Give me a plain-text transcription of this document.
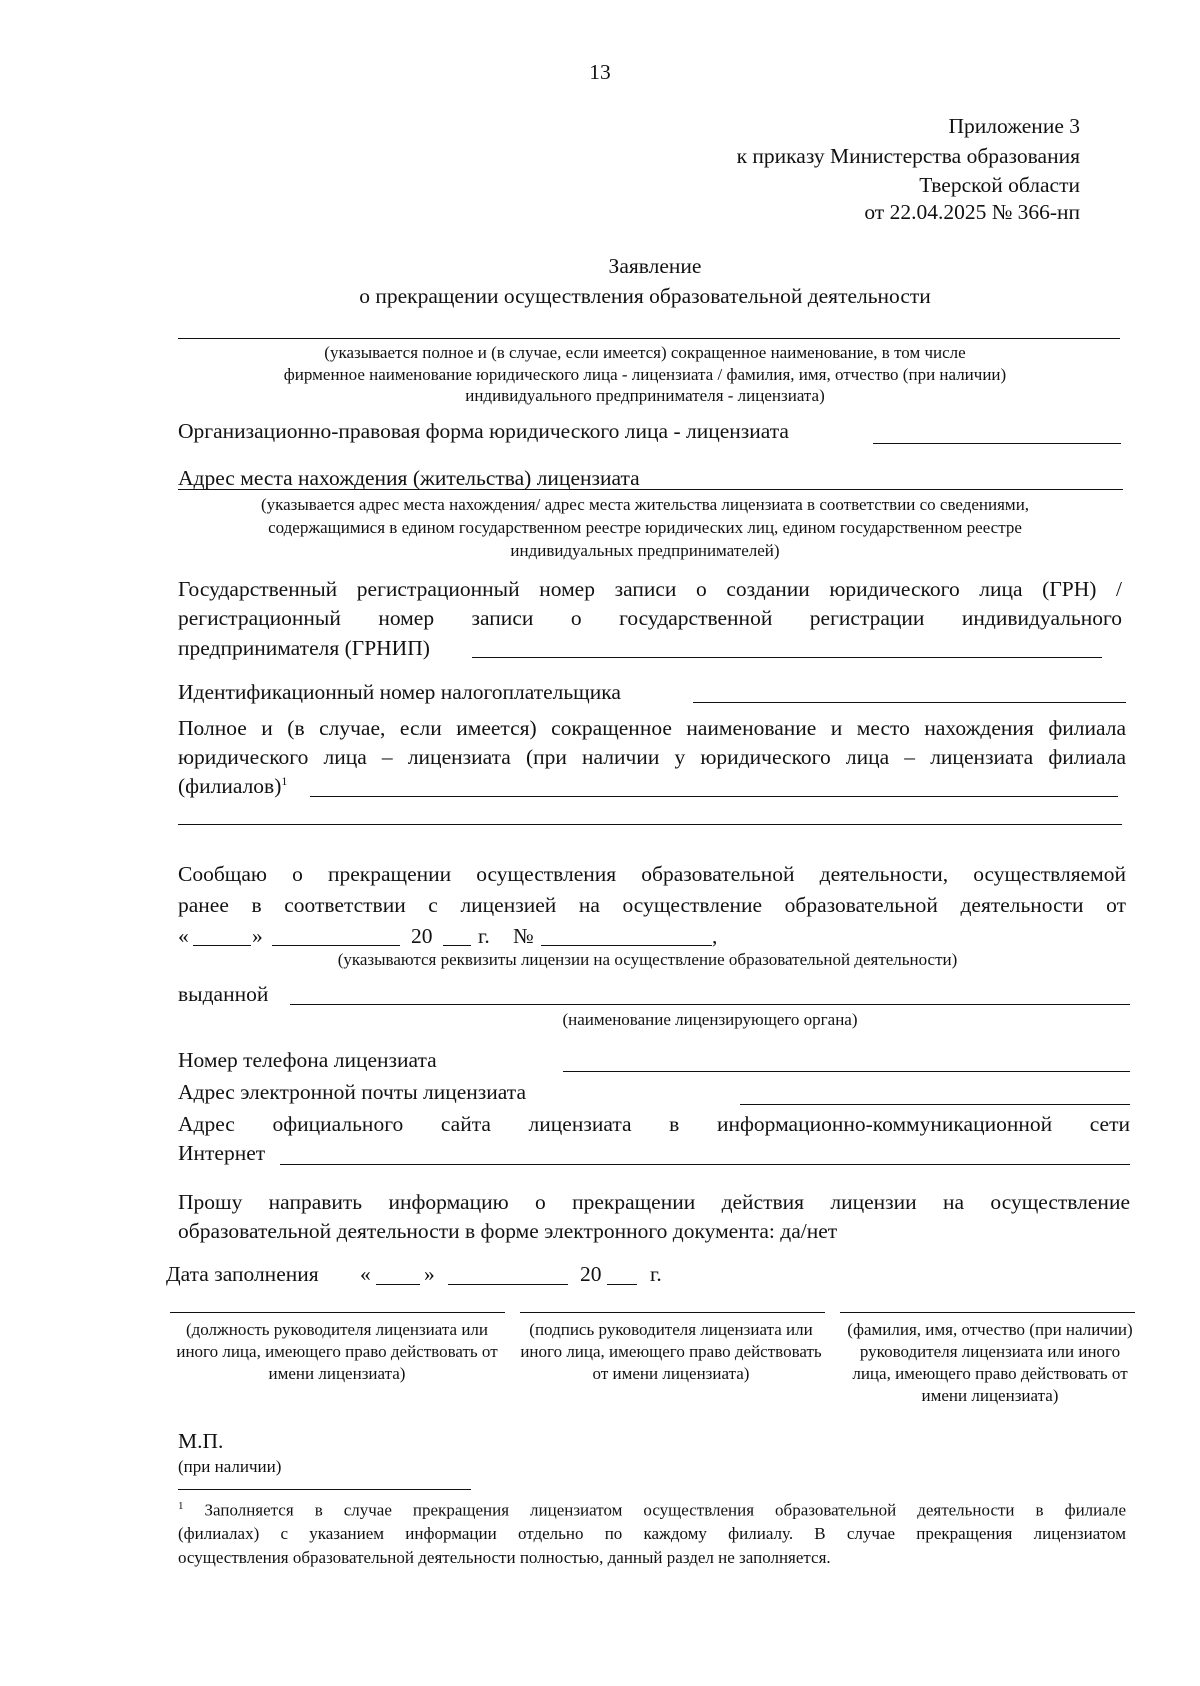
13
Приложение 3
к приказу Министерства образования
Тверской области
от 22.04.2025 № 366-нп
Заявление
о прекращении осуществления образовательной деятельности
(указывается полное и (в случае, если имеется) сокращенное наименование, в том числе
фирменное наименование юридического лица - лицензиата / фамилия, имя, отчество (при наличии)
индивидуального предпринимателя - лицензиата)
Организационно-правовая форма юридического лица - лицензиата
Адрес места нахождения (жительства) лицензиата
(указывается адрес места нахождения/ адрес места жительства лицензиата в соответствии со сведениями,
содержащимися в едином государственном реестре юридических лиц, едином государственном реестре
индивидуальных предпринимателей)
Государственный регистрационный номер записи о создании юридического лица (ГРН) /
регистрационный номер записи о государственной регистрации индивидуального
предпринимателя (ГРНИП)
Идентификационный номер налогоплательщика
Полное и (в случае, если имеется) сокращенное наименование и место нахождения филиала
юридического лица – лицензиата (при наличии у юридического лица – лицензиата филиала
(филиалов)$^1$
Сообщаю о прекращении осуществления образовательной деятельности, осуществляемой
ранее в соответствии с лицензией на осуществление образовательной деятельности от
«	»	20 г. №	,
(указываются реквизиты лицензии на осуществление образовательной деятельности)
выданной
(наименование лицензирующего органа)
Номер телефона лицензиата
Адрес электронной почты лицензиата
Адрес официального сайта лицензиата в информационно-коммуникационной сети
Интернет
Прошу направить информацию о прекращении действия лицензии на осуществление
образовательной деятельности в форме электронного документа: да/нет
Дата заполнения « »	20 г.
(должность руководителя лицензиата или иного лица, имеющего право действовать от имени лицензиата)
(подпись руководителя лицензиата или иного лица, имеющего право действовать от имени лицензиата)
(фамилия, имя, отчество (при наличии) руководителя лицензиата или иного лица, имеющего право действовать от имени лицензиата)
М.П.
(при наличии)
$^1$ Заполняется в случае прекращения лицензиатом осуществления образовательной деятельности в филиале
(филиалах) с указанием информации отдельно по каждому филиалу. В случае прекращения лицензиатом
осуществления образовательной деятельности полностью, данный раздел не заполняется.
